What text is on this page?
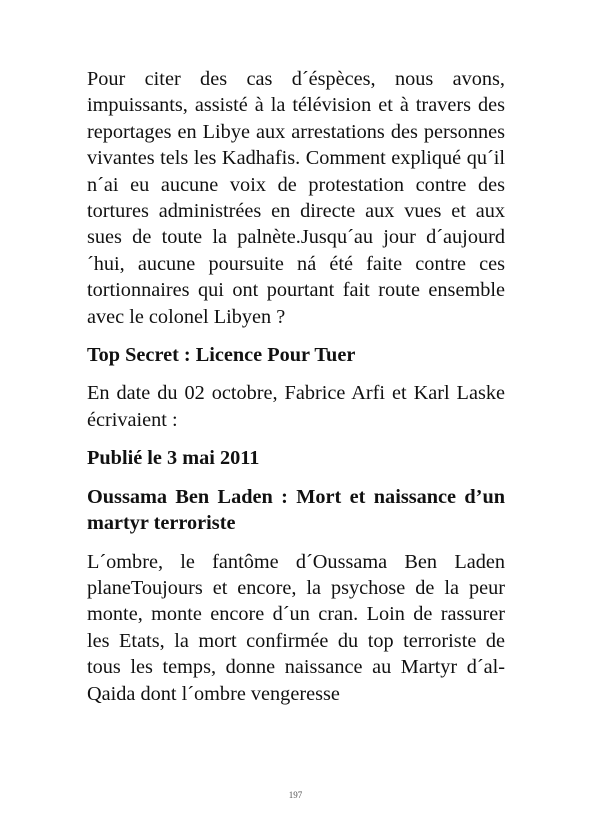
Pour citer des cas d´éspèces, nous avons, impuissants, assisté à la télévision et à travers des reportages en Libye aux arrestations des personnes vivantes tels les Kadhafis. Comment expliqué qu´il n´ai eu aucune voix de protestation contre des tortures administrées en directe aux vues et aux sues de toute la palnète.Jusqu´au jour d´aujourd´hui, aucune poursuite ná été faite contre ces tortionnaires qui ont pourtant fait route ensemble avec le colonel Libyen ?

Top Secret : Licence Pour Tuer

En date du 02 octobre, Fabrice Arfi et Karl Laske écrivaient :

Publié le 3 mai 2011

Oussama Ben Laden : Mort et naissance d’un martyr terroriste

L´ombre, le fantôme d´Oussama Ben Laden planeToujours et encore, la psychose de la peur monte, monte encore d´un cran. Loin de rassurer les Etats, la mort confirmée du top terroriste de tous les temps, donne naissance au Martyr d´al-Qaida dont l´ombre vengeresse

197
